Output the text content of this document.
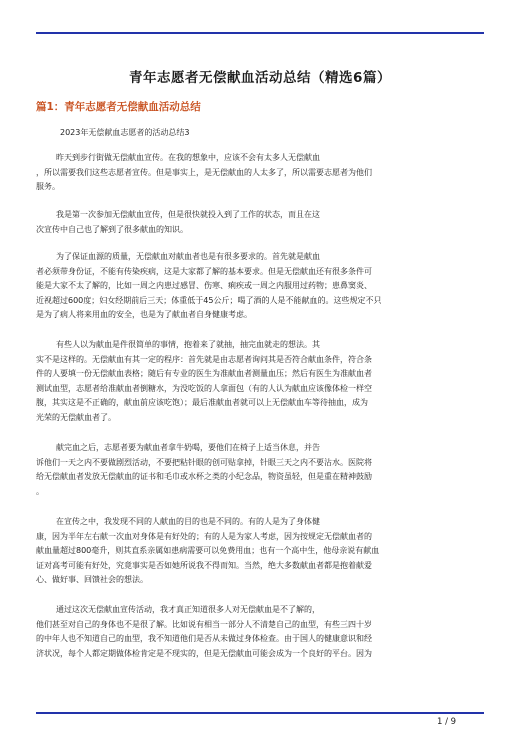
青年志愿者无偿献血活动总结（精选6篇）
篇1：青年志愿者无偿献血活动总结
2023年无偿献血志愿者的活动总结3
昨天到步行街做无偿献血宣传。在我的想象中，应该不会有太多人无偿献血
，所以需要我们这些志愿者宣传。但是事实上，是无偿献血的人太多了，所以需要志愿者为他们
服务。
我是第一次参加无偿献血宣传，但是很快就投入到了工作的状态，而且在这
次宣传中自己也了解到了很多献血的知识。
为了保证血源的质量，无偿献血对献血者也是有很多要求的。首先就是献血
者必须带身份证，不能有传染疾病，这是大家都了解的基本要求。但是无偿献血还有很多条件可
能是大家不太了解的，比如一周之内患过感冒、伤寒、痢疾或一周之内服用过药物；患鼻窦炎、
近视超过600度；妇女经期前后三天；体重低于45公斤；喝了酒的人是不能献血的。这些规定不只
是为了病人将来用血的安全，也是为了献血者自身健康考虑。
有些人以为献血是件很简单的事情，抱着来了就抽，抽完血就走的想法。其
实不是这样的。无偿献血有其一定的程序：首先就是由志愿者询问其是否符合献血条件，符合条
件的人要填一份无偿献血表格；随后有专业的医生为准献血者测量血压；然后有医生为准献血者
测试血型，志愿者给准献血者倒糖水，为没吃饭的人拿面包（有的人认为献血应该像体检一样空
腹，其实这是不正确的，献血前应该吃饱）；最后准献血者就可以上无偿献血车等待抽血，成为
光荣的无偿献血者了。
献完血之后，志愿者要为献血者拿牛奶喝，要他们在椅子上适当休息，并告
诉他们一天之内不要做剧烈活动，不要把粘针眼的创可贴拿掉，针眼三天之内不要沾水。医院将
给无偿献血者发放无偿献血的证书和毛巾或水杯之类的小纪念品，物资虽轻，但是重在精神鼓励
。
在宣传之中，我发现不同的人献血的目的也是不同的。有的人是为了身体健
康，因为半年左右献一次血对身体是有好处的；有的人是为家人考虑，因为按规定无偿献血者的
献血量超过800毫升，则其直系亲属如患病需要可以免费用血；也有一个高中生，他母亲说有献血
证对高考可能有好处，究竟事实是否如她所说我不得而知。当然，绝大多数献血者都是抱着献爱
心、做好事、回馈社会的想法。
通过这次无偿献血宣传活动，我才真正知道很多人对无偿献血是不了解的，
他们甚至对自己的身体也不是很了解。比如说有相当一部分人不清楚自己的血型，有些三四十岁
的中年人也不知道自己的血型，我不知道他们是否从未做过身体检查。由于国人的健康意识和经
济状况，每个人都定期做体检肯定是不现实的，但是无偿献血可能会成为一个良好的平台。因为
1 / 9
